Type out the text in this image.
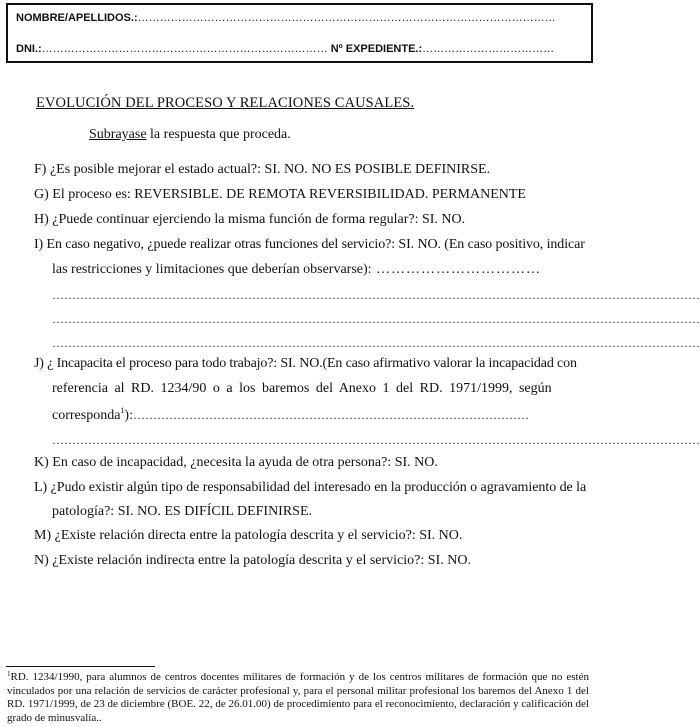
NOMBRE/APELLIDOS.:……………………………………………………………………………………………………
DNI.:…………………………………………………………………… Nº EXPEDIENTE.:………………………………
EVOLUCIÓN DEL PROCESO Y RELACIONES CAUSALES.
Subrayase la respuesta que proceda.
F) ¿Es posible mejorar el estado actual?: SI. NO. NO ES POSIBLE DEFINIRSE.
G) El proceso es: REVERSIBLE. DE REMOTA REVERSIBILIDAD. PERMANENTE
H) ¿Puede continuar ejerciendo la misma función de forma regular?: SI. NO.
I) En caso negativo, ¿puede realizar otras funciones del servicio?: SI. NO. (En caso positivo, indicar
las restricciones y limitaciones que deberían observarse): ……………………………
………………………………………………………………………………………………………………………………………………
………………………………………………………………………………………………………………………………………………
………………………………………………………………………………………………………………………………………………
J) ¿ Incapacita el proceso para todo trabajo?: SI. NO.(En caso afirmativo valorar la incapacidad con
referencia al RD. 1234/90 o a los baremos del Anexo 1 del RD. 1971/1999, según
corresponda$^1$):………………………………………………………………………………………
………………………………………………………………………………………………………………………………………………
K) En caso de incapacidad, ¿necesita la ayuda de otra persona?: SI. NO.
L) ¿Pudo existir algún tipo de responsabilidad del interesado en la producción o agravamiento de la
patología?: SI. NO. ES DIFÍCIL DEFINIRSE.
M) ¿Existe relación directa entre la patología descrita y el servicio?: SI. NO.
N) ¿Existe relación indirecta entre la patología descrita y el servicio?: SI. NO.
$^1$RD. 1234/1990, para alumnos de centros docentes militares de formación y de los centros militares de formación que no estén vinculados por una relación de servicios de carácter profesional y, para el personal militar profesional los baremos del Anexo 1 del RD. 1971/1999, de 23 de diciembre (BOE. 22, de 26.01.00) de procedimiento para el reconocimiento, declaración y calificación del grado de minusvalía..
